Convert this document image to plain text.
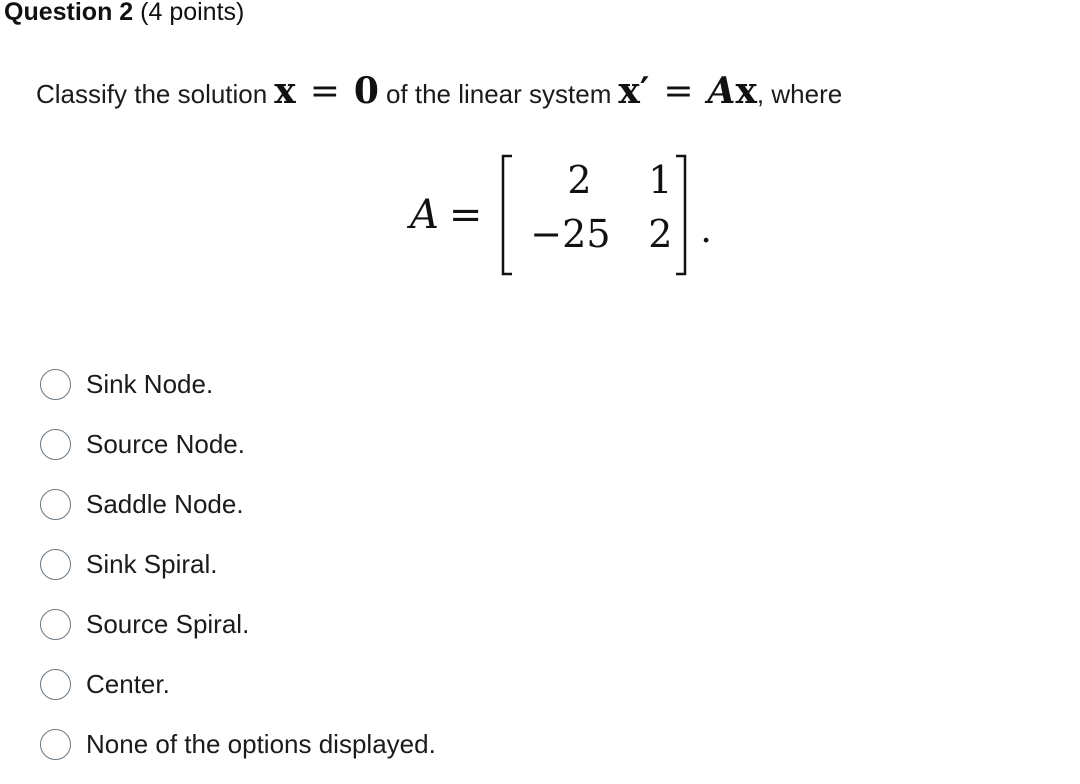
Question 2 (4 points)
Classify the solution x = 0 of the linear system x′ = Ax , where
A =
2	1
−25 2 .
Sink Node.
Source Node.
Saddle Node.
Sink Spiral.
Source Spiral.
Center.
None of the options displayed.
